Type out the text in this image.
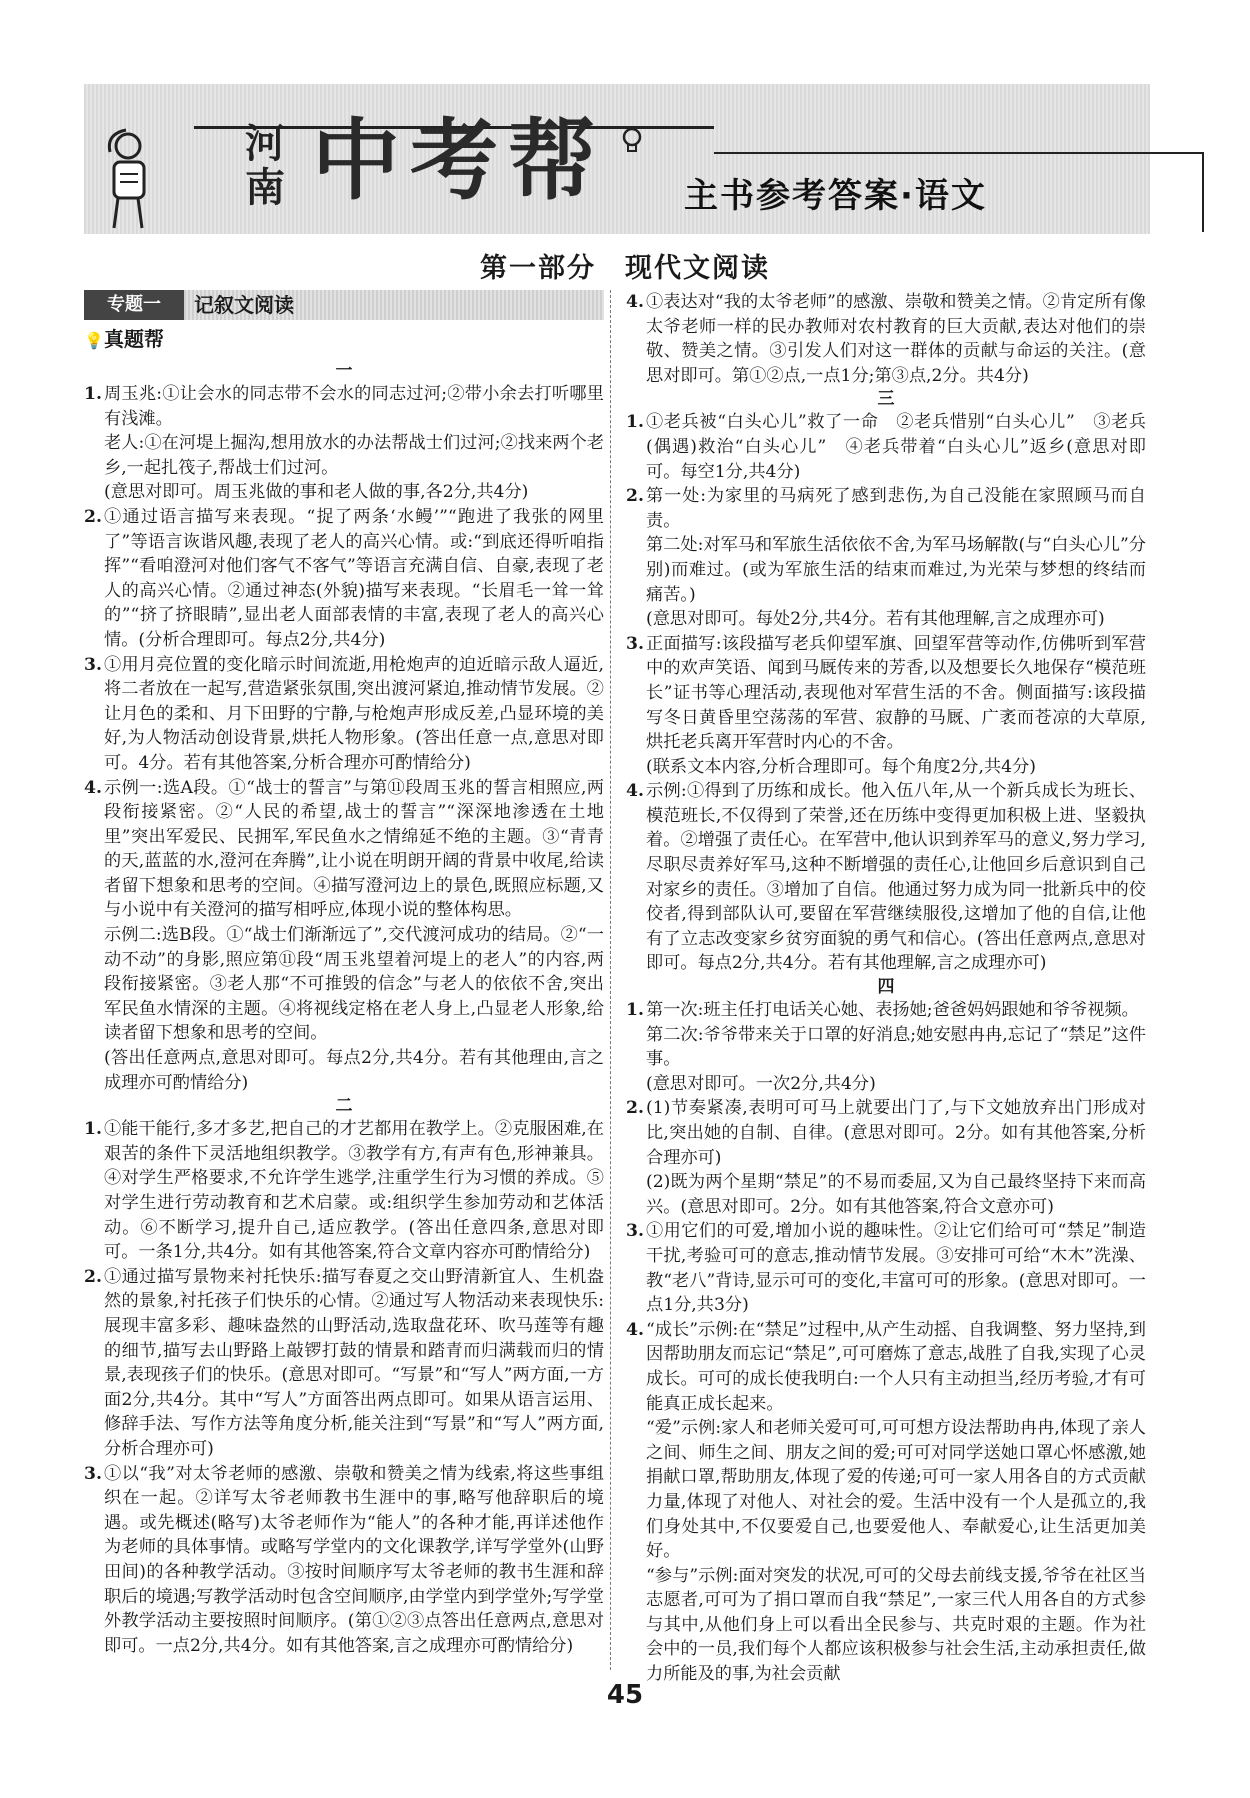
河南 中考帮 主书参考答案·语文
第一部分　现代文阅读
专题一	记叙文阅读
💡真题帮
一
1. 周玉兆:①让会水的同志带不会水的同志过河;②带小余去打听哪里有浅滩。

老人:①在河堤上掘沟,想用放水的办法帮战士们过河;②找来两个老乡,一起扎筏子,帮战士们过河。

(意思对即可。周玉兆做的事和老人做的事,各2分,共4分)

2. ①通过语言描写来表现。“捉了两条‘水鳗’”“跑进了我张的网里了”等语言诙谐风趣,表现了老人的高兴心情。或:“到底还得听咱指挥”“看咱澄河对他们客气不客气”等语言充满自信、自豪,表现了老人的高兴心情。②通过神态(外貌)描写来表现。“长眉毛一耸一耸的”“挤了挤眼睛”,显出老人面部表情的丰富,表现了老人的高兴心情。(分析合理即可。每点2分,共4分)

3. ①用月亮位置的变化暗示时间流逝,用枪炮声的迫近暗示敌人逼近,将二者放在一起写,营造紧张氛围,突出渡河紧迫,推动情节发展。②让月色的柔和、月下田野的宁静,与枪炮声形成反差,凸显环境的美好,为人物活动创设背景,烘托人物形象。(答出任意一点,意思对即可。4分。若有其他答案,分析合理亦可酌情给分)

4. 示例一:选A段。①“战士的誓言”与第⑪段周玉兆的誓言相照应,两段衔接紧密。②“人民的希望,战士的誓言”“深深地渗透在土地里”突出军爱民、民拥军,军民鱼水之情绵延不绝的主题。③“青青的天,蓝蓝的水,澄河在奔腾”,让小说在明朗开阔的背景中收尾,给读者留下想象和思考的空间。④描写澄河边上的景色,既照应标题,又与小说中有关澄河的描写相呼应,体现小说的整体构思。

示例二:选B段。①“战士们渐渐远了”,交代渡河成功的结局。②“一动不动”的身影,照应第⑪段“周玉兆望着河堤上的老人”的内容,两段衔接紧密。③老人那“不可推毁的信念”与老人的依依不舍,突出军民鱼水情深的主题。④将视线定格在老人身上,凸显老人形象,给读者留下想象和思考的空间。

(答出任意两点,意思对即可。每点2分,共4分。若有其他理由,言之成理亦可酌情给分)

二
1. ①能干能行,多才多艺,把自己的才艺都用在教学上。②克服困难,在艰苦的条件下灵活地组织教学。③教学有方,有声有色,形神兼具。④对学生严格要求,不允许学生逃学,注重学生行为习惯的养成。⑤对学生进行劳动教育和艺术启蒙。或:组织学生参加劳动和艺体活动。⑥不断学习,提升自己,适应教学。(答出任意四条,意思对即可。一条1分,共4分。如有其他答案,符合文章内容亦可酌情给分)

2. ①通过描写景物来衬托快乐:描写春夏之交山野清新宜人、生机盎然的景象,衬托孩子们快乐的心情。②通过写人物活动来表现快乐:展现丰富多彩、趣味盎然的山野活动,选取盘花环、吹马莲等有趣的细节,描写去山野路上敲锣打鼓的情景和踏青而归满载而归的情景,表现孩子们的快乐。(意思对即可。“写景”和“写人”两方面,一方面2分,共4分。其中“写人”方面答出两点即可。如果从语言运用、修辞手法、写作方法等角度分析,能关注到“写景”和“写人”两方面,分析合理亦可)

3. ①以“我”对太爷老师的感激、崇敬和赞美之情为线索,将这些事组织在一起。②详写太爷老师教书生涯中的事,略写他辞职后的境遇。或先概述(略写)太爷老师作为“能人”的各种才能,再详述他作为老师的具体事情。或略写学堂内的文化课教学,详写学堂外(山野田间)的各种教学活动。③按时间顺序写太爷老师的教书生涯和辞职后的境遇;写教学活动时包含空间顺序,由学堂内到学堂外;写学堂外教学活动主要按照时间顺序。(第①②③点答出任意两点,意思对即可。一点2分,共4分。如有其他答案,言之成理亦可酌情给分)

4. ①表达对“我的太爷老师”的感激、崇敬和赞美之情。②肯定所有像太爷老师一样的民办教师对农村教育的巨大贡献,表达对他们的崇敬、赞美之情。③引发人们对这一群体的贡献与命运的关注。(意思对即可。第①②点,一点1分;第③点,2分。共4分)

三
1. ①老兵被“白头心儿”救了一命　②老兵惜别“白头心儿”　③老兵(偶遇)救治“白头心儿”　④老兵带着“白头心儿”返乡(意思对即可。每空1分,共4分)

2. 第一处:为家里的马病死了感到悲伤,为自己没能在家照顾马而自责。

第二处:对军马和军旅生活依依不舍,为军马场解散(与“白头心儿”分别)而难过。(或为军旅生活的结束而难过,为光荣与梦想的终结而痛苦。)

(意思对即可。每处2分,共4分。若有其他理解,言之成理亦可)

3. 正面描写:该段描写老兵仰望军旗、回望军营等动作,仿佛听到军营中的欢声笑语、闻到马厩传来的芳香,以及想要长久地保存“模范班长”证书等心理活动,表现他对军营生活的不舍。侧面描写:该段描写冬日黄昏里空荡荡的军营、寂静的马厩、广袤而苍凉的大草原,烘托老兵离开军营时内心的不舍。

(联系文本内容,分析合理即可。每个角度2分,共4分)

4. 示例:①得到了历练和成长。他入伍八年,从一个新兵成长为班长、模范班长,不仅得到了荣誉,还在历练中变得更加积极上进、坚毅执着。②增强了责任心。在军营中,他认识到养军马的意义,努力学习,尽职尽责养好军马,这种不断增强的责任心,让他回乡后意识到自己对家乡的责任。③增加了自信。他通过努力成为同一批新兵中的佼佼者,得到部队认可,要留在军营继续服役,这增加了他的自信,让他有了立志改变家乡贫穷面貌的勇气和信心。(答出任意两点,意思对即可。每点2分,共4分。若有其他理解,言之成理亦可)

四
1. 第一次:班主任打电话关心她、表扬她;爸爸妈妈跟她和爷爷视频。

第二次:爷爷带来关于口罩的好消息;她安慰冉冉,忘记了“禁足”这件事。

(意思对即可。一次2分,共4分)

2. (1)节奏紧凑,表明可可马上就要出门了,与下文她放弃出门形成对比,突出她的自制、自律。(意思对即可。2分。如有其他答案,分析合理亦可)

(2)既为两个星期“禁足”的不易而委屈,又为自己最终坚持下来而高兴。(意思对即可。2分。如有其他答案,符合文意亦可)

3. ①用它们的可爱,增加小说的趣味性。②让它们给可可“禁足”制造干扰,考验可可的意志,推动情节发展。③安排可可给“木木”洗澡、教“老八”背诗,显示可可的变化,丰富可可的形象。(意思对即可。一点1分,共3分)

4. “成长”示例:在“禁足”过程中,从产生动摇、自我调整、努力坚持,到因帮助朋友而忘记“禁足”,可可磨炼了意志,战胜了自我,实现了心灵成长。可可的成长使我明白:一个人只有主动担当,经历考验,才有可能真正成长起来。

“爱”示例:家人和老师关爱可可,可可想方设法帮助冉冉,体现了亲人之间、师生之间、朋友之间的爱;可可对同学送她口罩心怀感激,她捐献口罩,帮助朋友,体现了爱的传递;可可一家人用各自的方式贡献力量,体现了对他人、对社会的爱。生活中没有一个人是孤立的,我们身处其中,不仅要爱自己,也要爱他人、奉献爱心,让生活更加美好。

“参与”示例:面对突发的状况,可可的父母去前线支援,爷爷在社区当志愿者,可可为了捐口罩而自我“禁足”,一家三代人用各自的方式参与其中,从他们身上可以看出全民参与、共克时艰的主题。作为社会中的一员,我们每个人都应该积极参与社会生活,主动承担责任,做力所能及的事,为社会贡献

45
